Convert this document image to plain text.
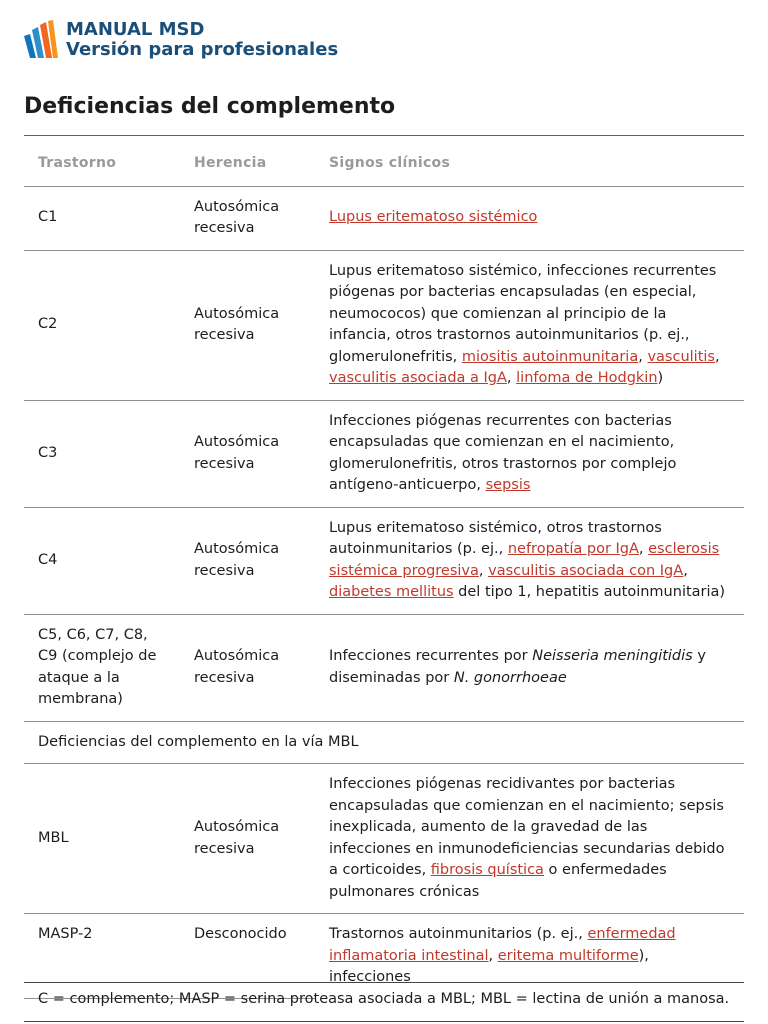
MANUAL MSD
Versión para profesionales
Deficiencias del complemento
Trastorno	Herencia	Signos clínicos
C1	Autosómica recesiva	Lupus eritematoso sistémico
C2	Autosómica recesiva	Lupus eritematoso sistémico, infecciones recurrentes piógenas por bacterias encapsuladas (en especial, neumococos) que comienzan al principio de la infancia, otros trastornos autoinmunitarios (p. ej., glomerulonefritis, miositis autoinmunitaria, vasculitis, vasculitis asociada a IgA, linfoma de Hodgkin)
C3	Autosómica recesiva	Infecciones piógenas recurrentes con bacterias encapsuladas que comienzan en el nacimiento, glomerulonefritis, otros trastornos por complejo antígeno-anticuerpo, sepsis
C4	Autosómica recesiva	Lupus eritematoso sistémico, otros trastornos autoinmunitarios (p. ej., nefropatía por IgA, esclerosis sistémica progresiva, vasculitis asociada con IgA, diabetes mellitus del tipo 1, hepatitis autoinmunitaria)
C5, C6, C7, C8, C9 (complejo de ataque a la membrana)	Autosómica recesiva	Infecciones recurrentes por Neisseria meningitidis y diseminadas por N. gonorrhoeae
Deficiencias del complemento en la vía MBL		
MBL	Autosómica recesiva	Infecciones piógenas recidivantes por bacterias encapsuladas que comienzan en el nacimiento; sepsis inexplicada, aumento de la gravedad de las infecciones en inmunodeficiencias secundarias debido a corticoides, fibrosis quística o enfermedades pulmonares crónicas
MASP-2	Desconocido	Trastornos autoinmunitarios (p. ej., enfermedad inflamatoria intestinal, eritema multiforme), infecciones
C = complemento; MASP = serina proteasa asociada a MBL; MBL = lectina de unión a manosa.
